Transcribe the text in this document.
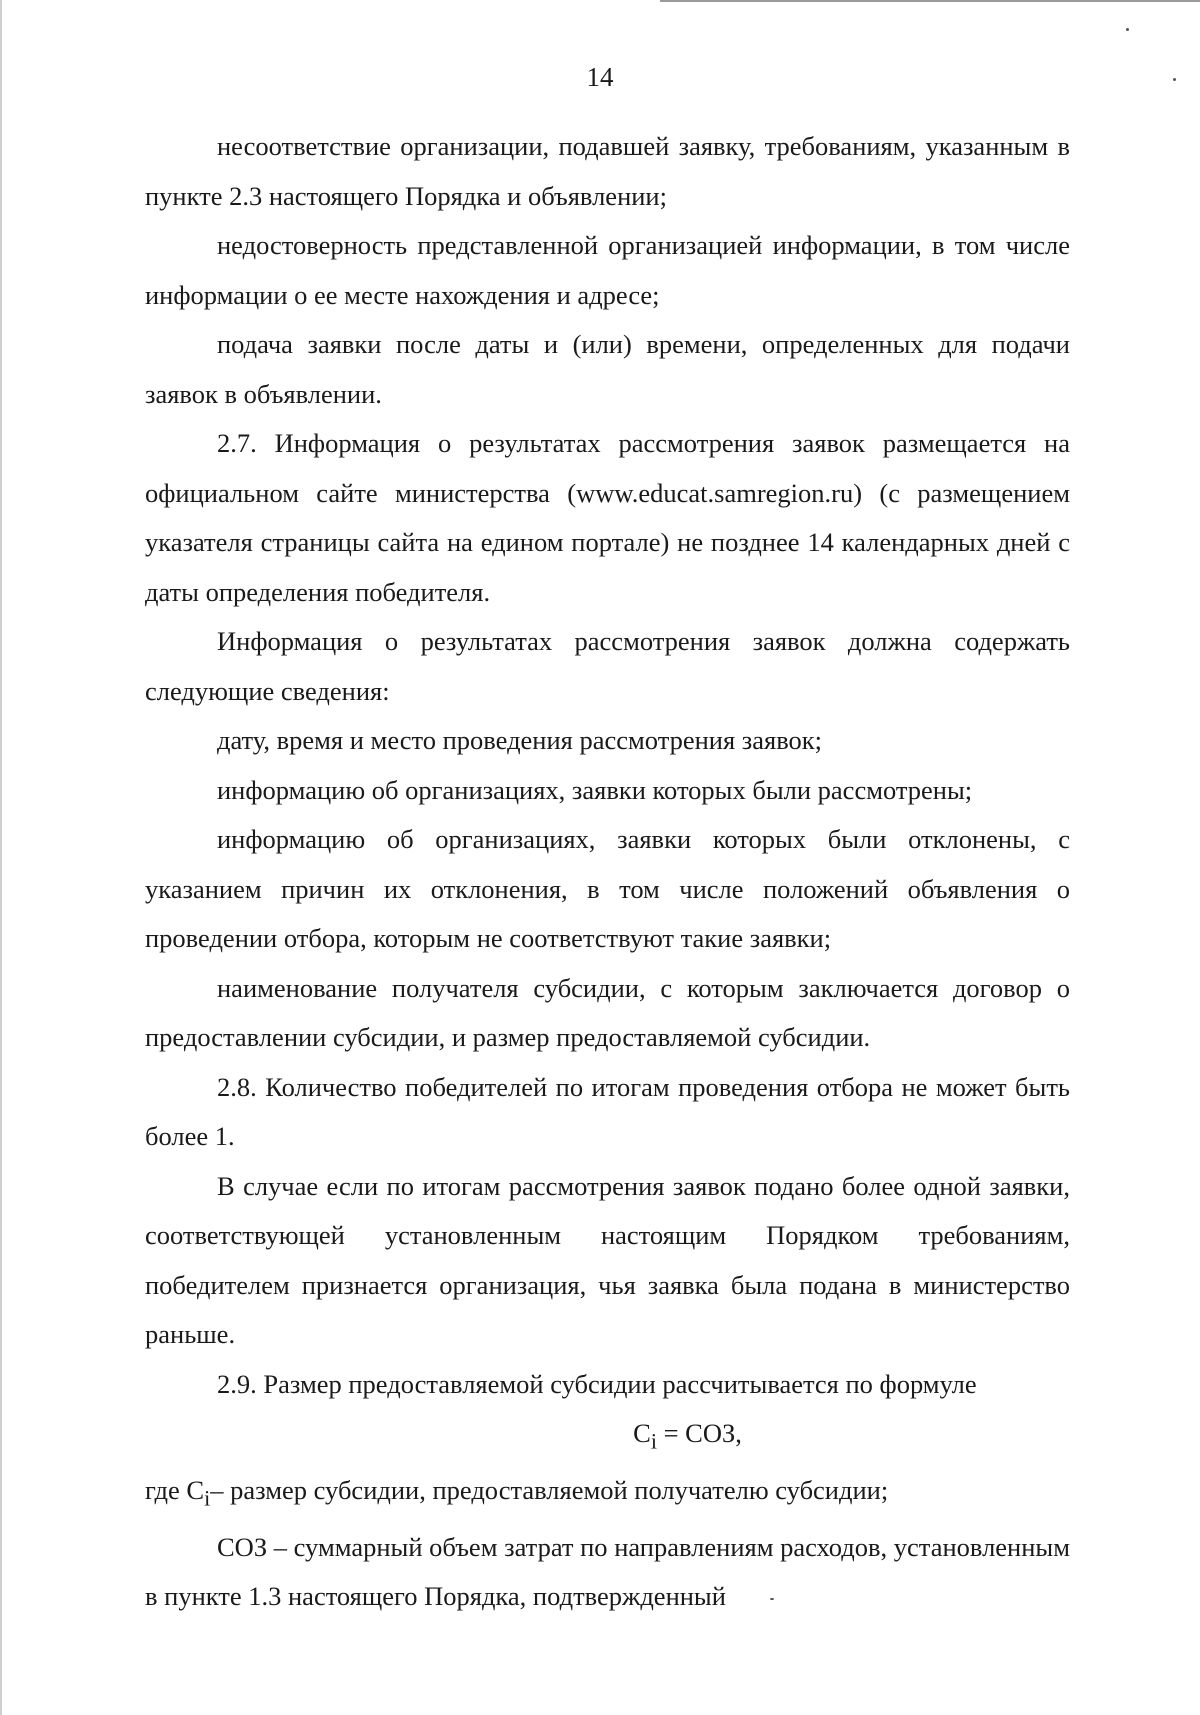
14

несоответствие организации, подавшей заявку, требованиям, указанным в пункте 2.3 настоящего Порядка и объявлении;

недостоверность представленной организацией информации, в том числе информации о ее месте нахождения и адресе;

подача заявки после даты и (или) времени, определенных для подачи заявок в объявлении.

2.7. Информация о результатах рассмотрения заявок размещается на официальном сайте министерства (www.educat.samregion.ru) (с размещением указателя страницы сайта на едином портале) не позднее 14 календарных дней с даты определения победителя.

Информация о результатах рассмотрения заявок должна содержать следующие сведения:

дату, время и место проведения рассмотрения заявок;

информацию об организациях, заявки которых были рассмотрены;

информацию об организациях, заявки которых были отклонены, с указанием причин их отклонения, в том числе положений объявления о проведении отбора, которым не соответствуют такие заявки;

наименование получателя субсидии, с которым заключается договор о предоставлении субсидии, и размер предоставляемой субсидии.

2.8. Количество победителей по итогам проведения отбора не может быть более 1.

В случае если по итогам рассмотрения заявок подано более одной заявки, соответствующей установленным настоящим Порядком требованиям, победителем признается организация, чья заявка была подана в министерство раньше.

2.9. Размер предоставляемой субсидии рассчитывается по формуле

$C_i$ = СОЗ,

где $C_i-$ размер субсидии, предоставляемой получателю субсидии;

СОЗ – суммарный объем затрат по направлениям расходов, установленным в пункте 1.3 настоящего Порядка, подтвержденный
